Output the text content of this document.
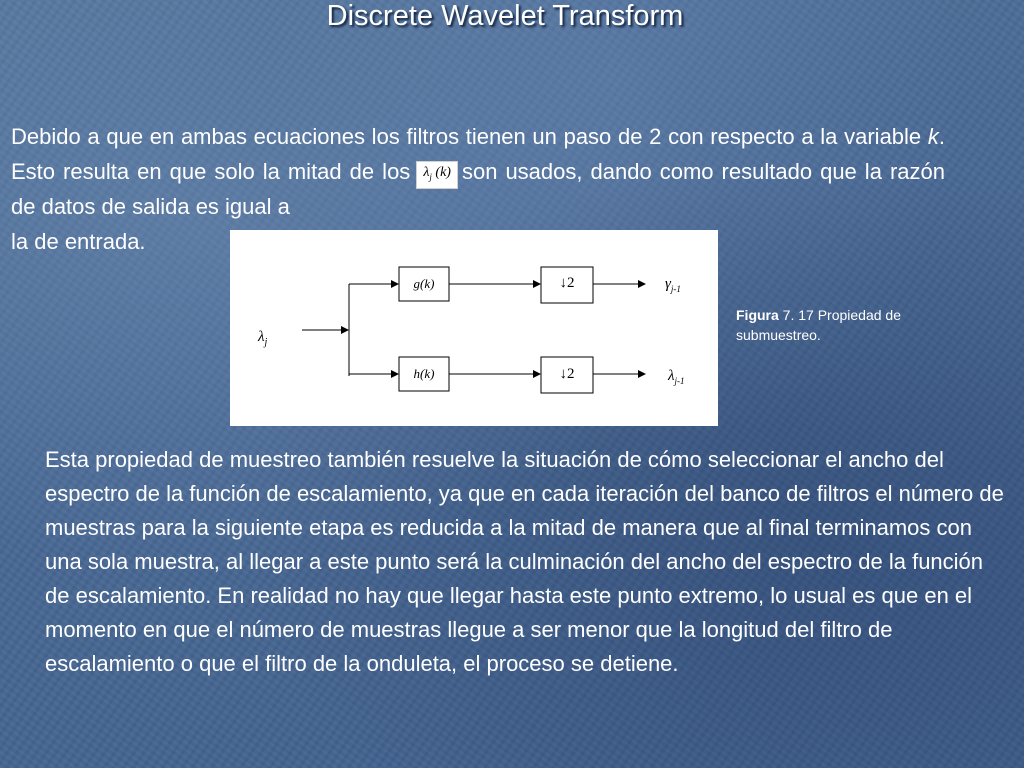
Discrete Wavelet Transform
Debido a que en ambas ecuaciones los filtros tienen un paso de 2 con respecto a la variable k. Esto resulta en que solo la mitad de los $\lambda_j$ (k) son usados, dando como resultado que la razón de datos de salida es igual a
la de entrada.
$\lambda_j$
g(k)
h(k)
$\gamma_{j-1}$
$\lambda_{j-1}$
↓2
↓2
Figura 7. 17 Propiedad de submuestreo.
Esta propiedad de muestreo también resuelve la situación de cómo seleccionar el ancho del espectro de la función de escalamiento, ya que en cada iteración del banco de filtros el número de muestras para la siguiente etapa es reducida a la mitad de manera que al final terminamos con una sola muestra, al llegar a este punto será la culminación del ancho del espectro de la función de escalamiento. En realidad no hay que llegar hasta este punto extremo, lo usual es que en el momento en que el número de muestras llegue a ser menor que la longitud del filtro de escalamiento o que el filtro de la onduleta, el proceso se detiene.
